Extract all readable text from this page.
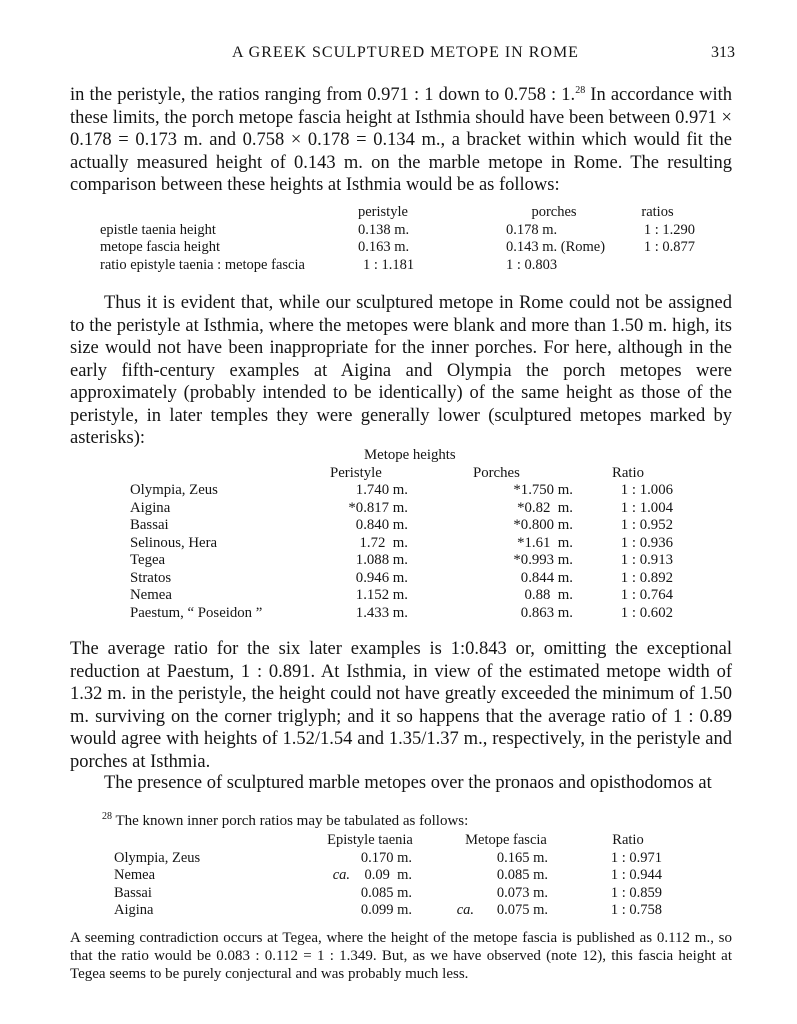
A GREEK SCULPTURED METOPE IN ROME	313

in the peristyle, the ratios ranging from 0.971 : 1 down to 0.758 : 1.28 In accordance with these limits, the porch metope fascia height at Isthmia should have been between 0.971 × 0.178 = 0.173 m. and 0.758 × 0.178 = 0.134 m., a bracket within which would fit the actually measured height of 0.143 m. on the marble metope in Rome. The resulting comparison between these heights at Isthmia would be as follows:

	peristyle	porches	ratios
epistle taenia height	0.138 m.	0.178 m.	1 : 1.290
metope fascia height	0.163 m.	0.143 m. (Rome)	1 : 0.877
ratio epistyle taenia : metope fascia	1 : 1.181	1 : 0.803	

Thus it is evident that, while our sculptured metope in Rome could not be assigned to the peristyle at Isthmia, where the metopes were blank and more than 1.50 m. high, its size would not have been inappropriate for the inner porches. For here, although in the early fifth-century examples at Aigina and Olympia the porch metopes were approximately (probably intended to be identically) of the same height as those of the peristyle, in later temples they were generally lower (sculptured metopes marked by asterisks):

	Metope heights		
	Peristyle	Porches	Ratio
Olympia, Zeus	1.740 m.	*1.750 m.	1 : 1.006
Aigina	*0.817 m.	*0.82  m.	1 : 1.004
Bassai	0.840 m.	*0.800 m.	1 : 0.952
Selinous, Hera	1.72  m.	*1.61  m.	1 : 0.936
Tegea	1.088 m.	*0.993 m.	1 : 0.913
Stratos	0.946 m.	0.844 m.	1 : 0.892
Nemea	1.152 m.	0.88  m.	1 : 0.764
Paestum, “ Poseidon ”	1.433 m.	0.863 m.	1 : 0.602

The average ratio for the six later examples is 1:0.843 or, omitting the exceptional reduction at Paestum, 1 : 0.891. At Isthmia, in view of the estimated metope width of 1.32 m. in the peristyle, the height could not have greatly exceeded the minimum of 1.50 m. surviving on the corner triglyph; and it so happens that the average ratio of 1 : 0.89 would agree with heights of 1.52/1.54 and 1.35/1.37 m., respectively, in the peristyle and porches at Isthmia.

The presence of sculptured marble metopes over the pronaos and opisthodomos at

$^{28}$ The known inner porch ratios may be tabulated as follows:

	Epistyle taenia		Metope fascia		Ratio
Olympia, Zeus		0.170 m.		0.165 m.	1 : 0.971
Nemea	ca.	0.09  m.		0.085 m.	1 : 0.944
Bassai		0.085 m.		0.073 m.	1 : 0.859
Aigina		0.099 m.	ca.	0.075 m.	1 : 0.758

A seeming contradiction occurs at Tegea, where the height of the metope fascia is published as 0.112 m., so that the ratio would be 0.083 : 0.112 = 1 : 1.349. But, as we have observed (note 12), this fascia height at Tegea seems to be purely conjectural and was probably much less.
